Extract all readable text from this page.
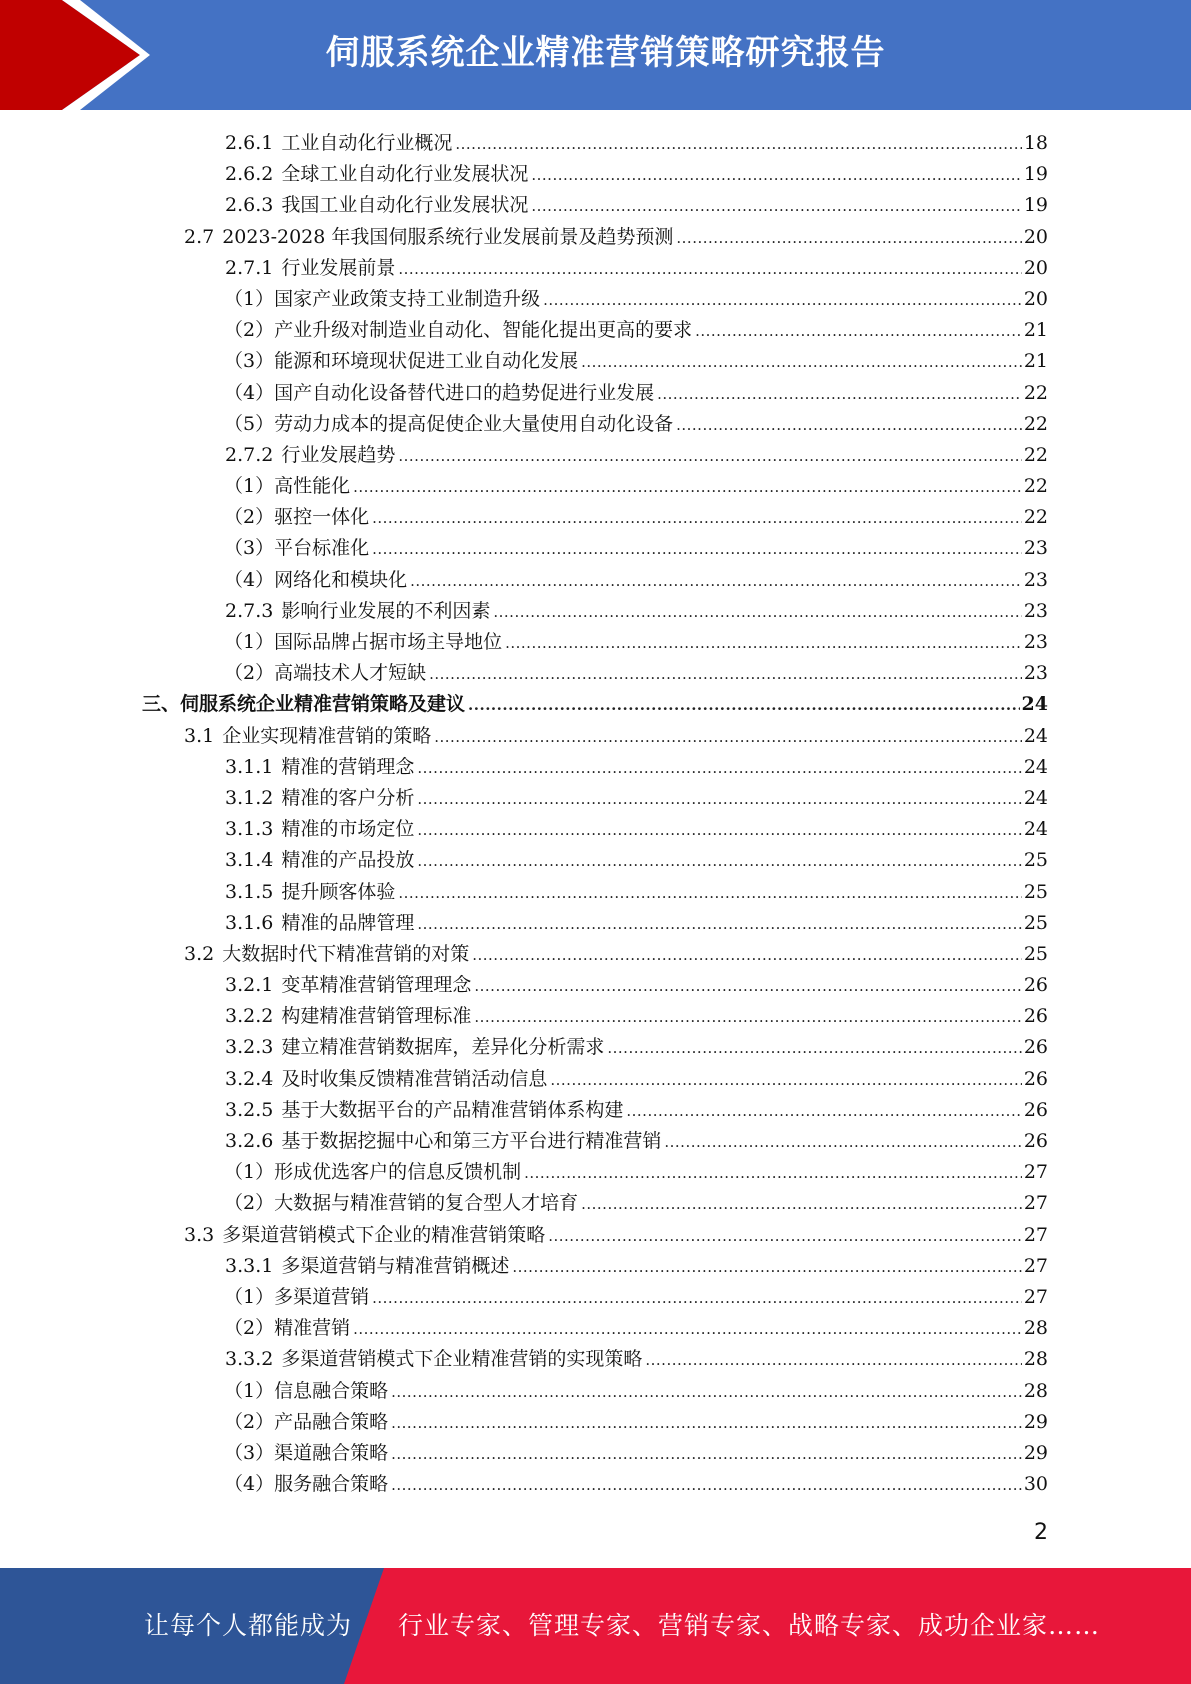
伺服系统企业精准营销策略研究报告
2.6.1 工业自动化行业概况 .....	18
2.6.2 全球工业自动化行业发展状况 .....	19
2.6.3 我国工业自动化行业发展状况 .....	19
2.7 2023-2028 年我国伺服系统行业发展前景及趋势预测 .....	20
2.7.1 行业发展前景 .....	20
（1）国家产业政策支持工业制造升级 .....	20
（2）产业升级对制造业自动化、智能化提出更高的要求 .....	21
（3）能源和环境现状促进工业自动化发展 .....	21
（4）国产自动化设备替代进口的趋势促进行业发展 .....	22
（5）劳动力成本的提高促使企业大量使用自动化设备 .....	22
2.7.2 行业发展趋势 .....	22
（1）高性能化 .....	22
（2）驱控一体化 .....	22
（3）平台标准化 .....	23
（4）网络化和模块化 .....	23
2.7.3 影响行业发展的不利因素 .....	23
（1）国际品牌占据市场主导地位 .....	23
（2）高端技术人才短缺 .....	23
三、伺服系统企业精准营销策略及建议 .....	24
3.1 企业实现精准营销的策略 .....	24
3.1.1 精准的营销理念 .....	24
3.1.2 精准的客户分析 .....	24
3.1.3 精准的市场定位 .....	24
3.1.4 精准的产品投放 .....	25
3.1.5 提升顾客体验 .....	25
3.1.6 精准的品牌管理 .....	25
3.2 大数据时代下精准营销的对策 .....	25
3.2.1 变革精准营销管理理念 .....	26
3.2.2 构建精准营销管理标准 .....	26
3.2.3 建立精准营销数据库，差异化分析需求 .....	26
3.2.4 及时收集反馈精准营销活动信息 .....	26
3.2.5 基于大数据平台的产品精准营销体系构建 .....	26
3.2.6 基于数据挖掘中心和第三方平台进行精准营销 .....	26
（1）形成优选客户的信息反馈机制 .....	27
（2）大数据与精准营销的复合型人才培育 .....	27
3.3 多渠道营销模式下企业的精准营销策略 .....	27
3.3.1 多渠道营销与精准营销概述 .....	27
（1）多渠道营销 .....	27
（2）精准营销 .....	28
3.3.2 多渠道营销模式下企业精准营销的实现策略 .....	28
（1）信息融合策略 .....	28
（2）产品融合策略 .....	29
（3）渠道融合策略 .....	29
（4）服务融合策略 .....	30
2
让每个人都能成为 行业专家、管理专家、营销专家、战略专家、成功企业家……
